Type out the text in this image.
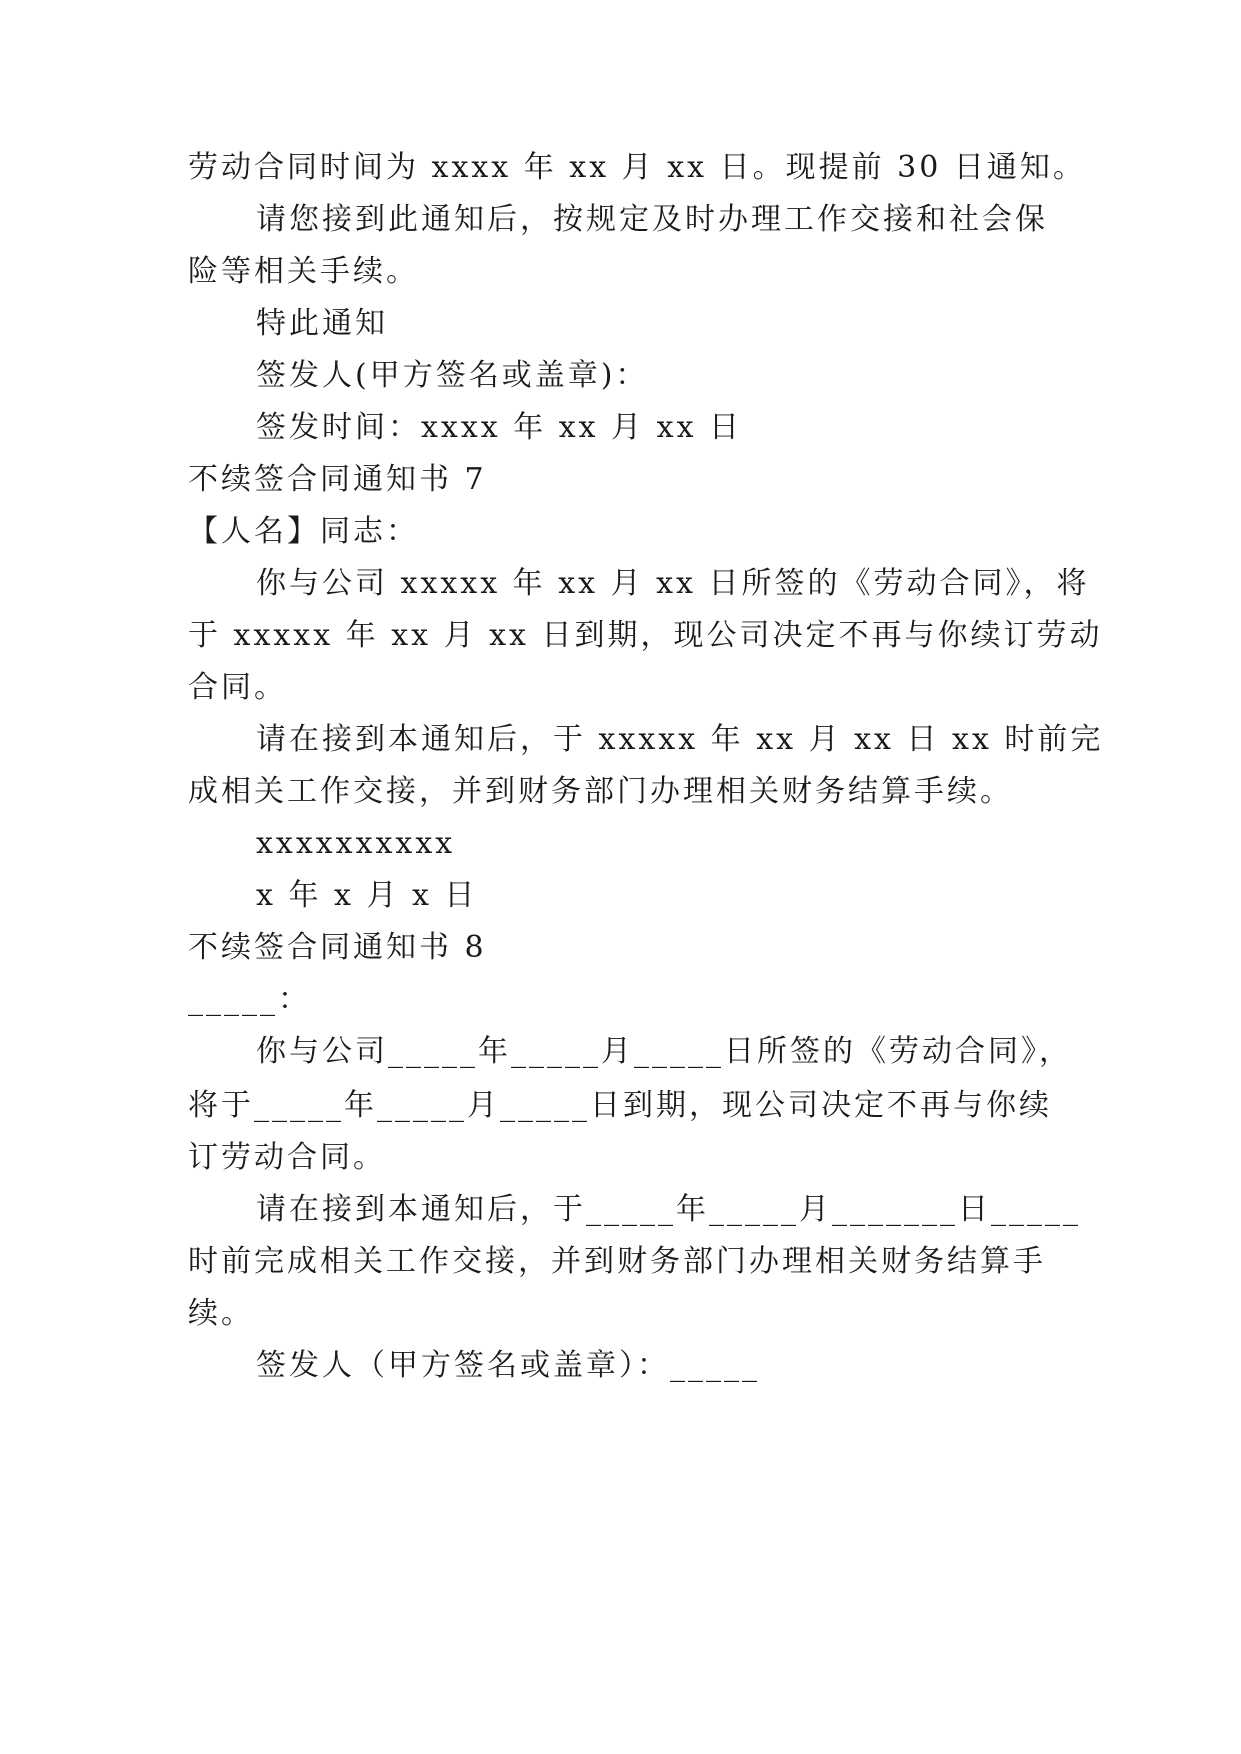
劳动合同时间为 xxxx 年 xx 月 xx 日。现提前 30 日通知。
请您接到此通知后，按规定及时办理工作交接和社会保
险等相关手续。
特此通知
签发人(甲方签名或盖章)：
签发时间：xxxx 年 xx 月 xx 日
不续签合同通知书 7
【人名】同志：
你与公司 xxxxx 年 xx 月 xx 日所签的《劳动合同》，将
于 xxxxx 年 xx 月 xx 日到期，现公司决定不再与你续订劳动
合同。
请在接到本通知后，于 xxxxx 年 xx 月 xx 日 xx 时前完
成相关工作交接，并到财务部门办理相关财务结算手续。
xxxxxxxxxx
x 年 x 月 x 日
不续签合同通知书 8
_____：
你与公司_____年_____月_____日所签的《劳动合同》，
将于_____年_____月_____日到期，现公司决定不再与你续
订劳动合同。
请在接到本通知后，于_____年_____月_______日_____
时前完成相关工作交接，并到财务部门办理相关财务结算手
续。
签发人（甲方签名或盖章）：_____
